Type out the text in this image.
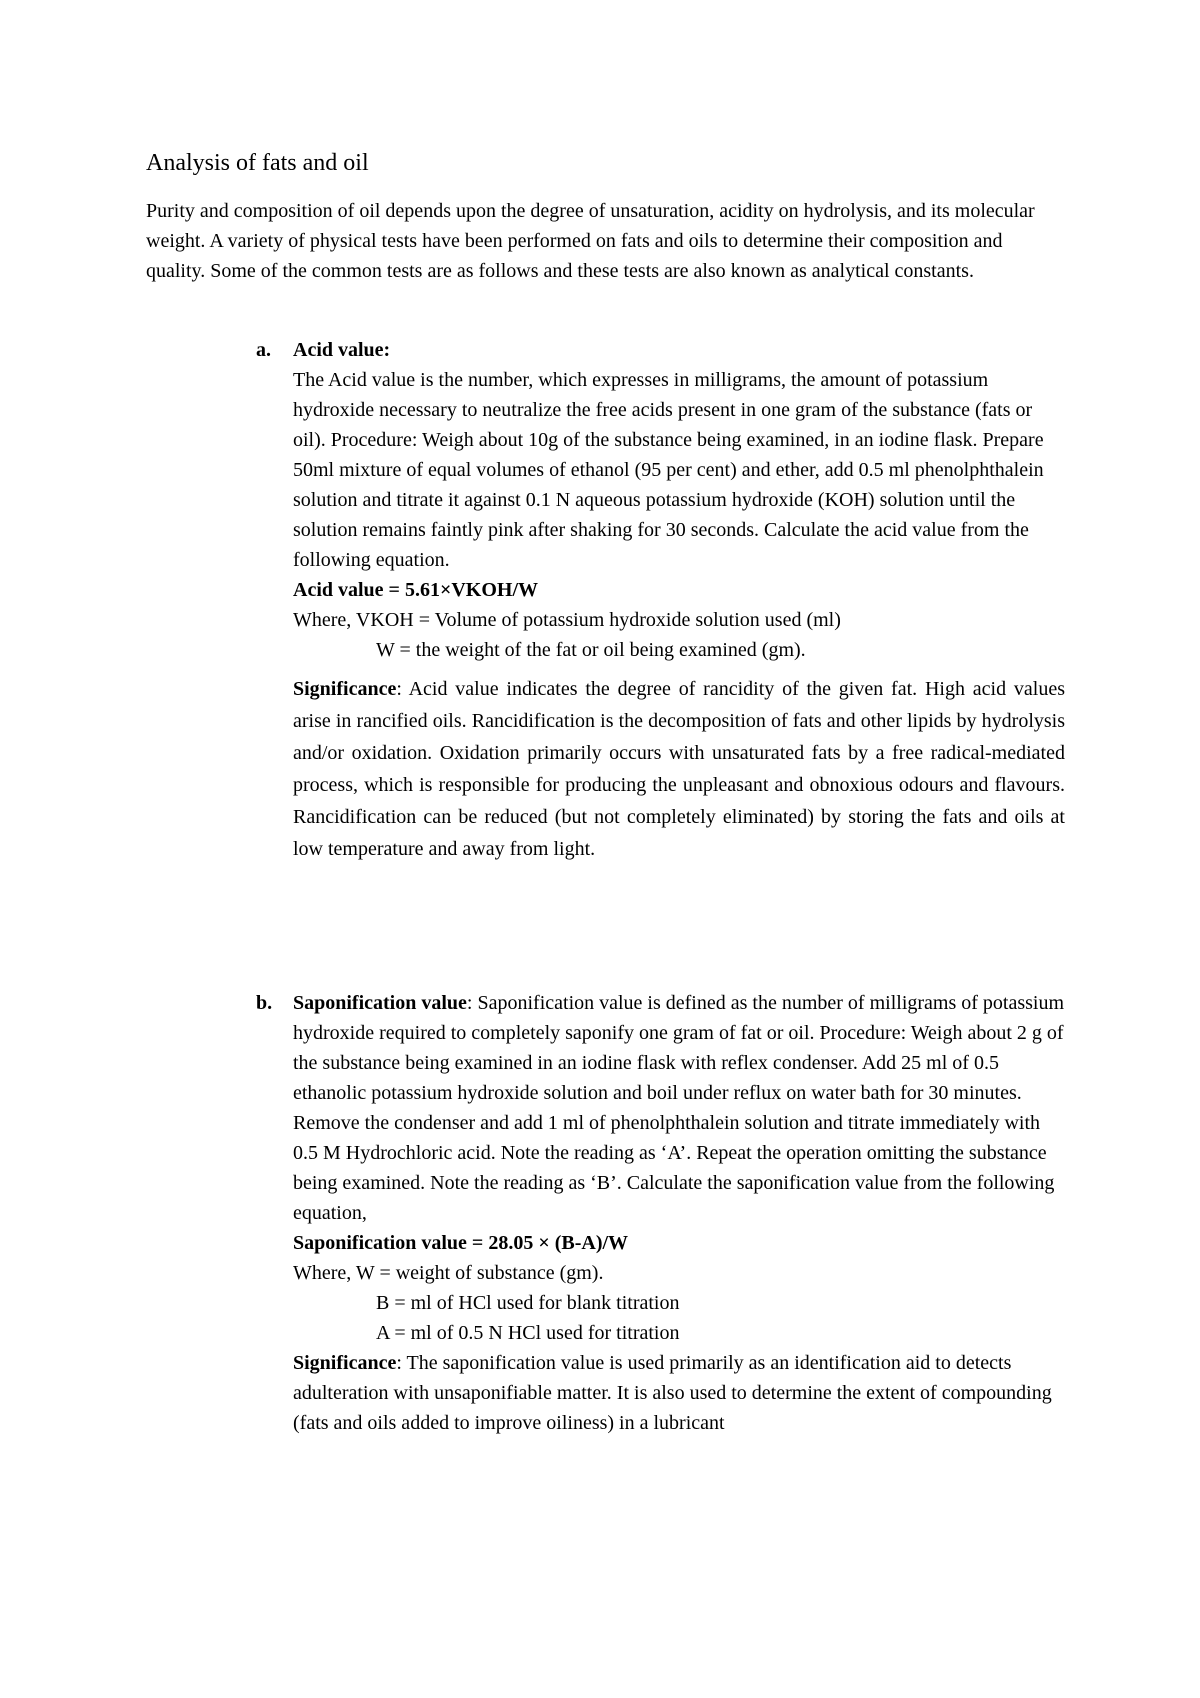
Analysis of fats and oil

Purity and composition of oil depends upon the degree of unsaturation, acidity on hydrolysis, and its molecular weight. A variety of physical tests have been performed on fats and oils to determine their composition and quality. Some of the common tests are as follows and these tests are also known as analytical constants.

a. Acid value:

The Acid value is the number, which expresses in milligrams, the amount of potassium hydroxide necessary to neutralize the free acids present in one gram of the substance (fats or oil). Procedure: Weigh about 10g of the substance being examined, in an iodine flask. Prepare 50ml mixture of equal volumes of ethanol (95 per cent) and ether, add 0.5 ml phenolphthalein solution and titrate it against 0.1 N aqueous potassium hydroxide (KOH) solution until the solution remains faintly pink after shaking for 30 seconds. Calculate the acid value from the following equation.

Acid value = 5.61×VKOH/W

Where, VKOH = Volume of potassium hydroxide solution used (ml)

W = the weight of the fat or oil being examined (gm).

Significance: Acid value indicates the degree of rancidity of the given fat. High acid values arise in rancified oils. Rancidification is the decomposition of fats and other lipids by hydrolysis and/or oxidation. Oxidation primarily occurs with unsaturated fats by a free radical-mediated process, which is responsible for producing the unpleasant and obnoxious odours and flavours. Rancidification can be reduced (but not completely eliminated) by storing the fats and oils at low temperature and away from light.

b. Saponification value: Saponification value is defined as the number of milligrams of potassium hydroxide required to completely saponify one gram of fat or oil. Procedure: Weigh about 2 g of the substance being examined in an iodine flask with reflex condenser. Add 25 ml of 0.5 ethanolic potassium hydroxide solution and boil under reflux on water bath for 30 minutes. Remove the condenser and add 1 ml of phenolphthalein solution and titrate immediately with 0.5 M Hydrochloric acid. Note the reading as ‘A’. Repeat the operation omitting the substance being examined. Note the reading as ‘B’. Calculate the saponification value from the following equation,

Saponification value = 28.05 × (B-A)/W

Where, W = weight of substance (gm).

B = ml of HCl used for blank titration

A = ml of 0.5 N HCl used for titration

Significance: The saponification value is used primarily as an identification aid to detects adulteration with unsaponifiable matter. It is also used to determine the extent of compounding (fats and oils added to improve oiliness) in a lubricant
